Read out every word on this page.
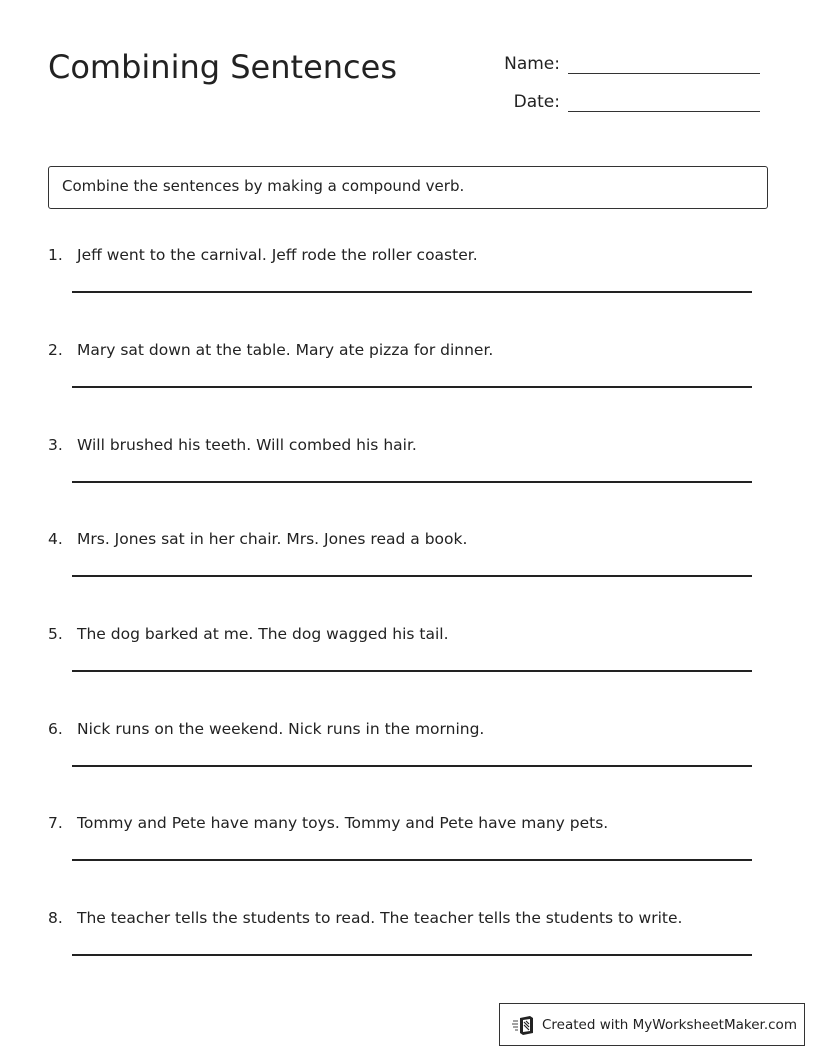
Combining Sentences	Name:
Date:
Combine the sentences by making a compound verb.
1. Jeff went to the carnival. Jeff rode the roller coaster.
2. Mary sat down at the table. Mary ate pizza for dinner.
3. Will brushed his teeth. Will combed his hair.
4. Mrs. Jones sat in her chair. Mrs. Jones read a book.
5. The dog barked at me. The dog wagged his tail.
6. Nick runs on the weekend. Nick runs in the morning.
7. Tommy and Pete have many toys. Tommy and Pete have many pets.
8. The teacher tells the students to read. The teacher tells the students to write.
Created with MyWorksheetMaker.com
